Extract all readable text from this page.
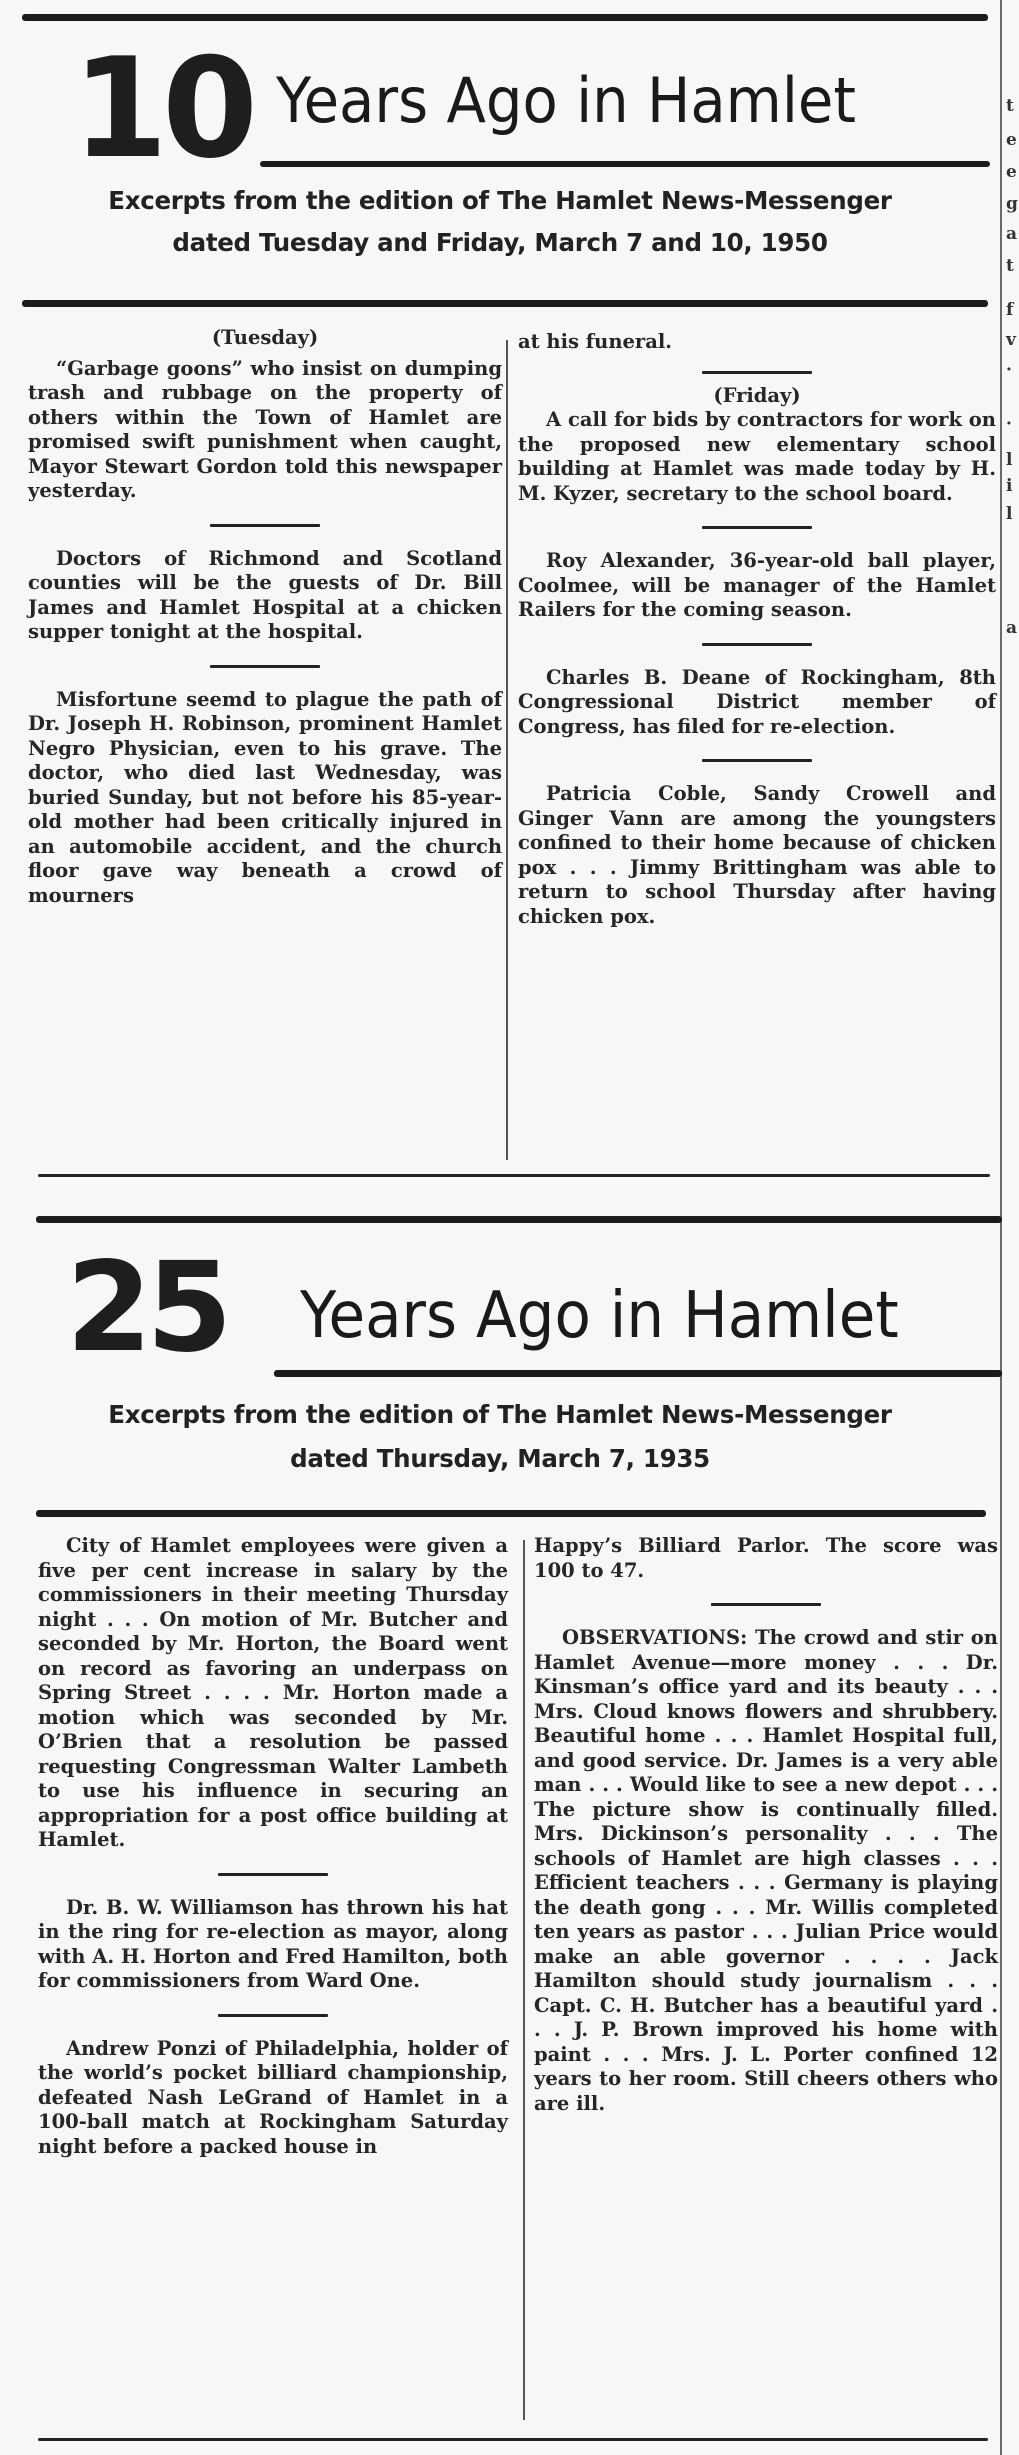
t
e
e
g
a
t
f
v
·
·
l
i
l
a
10 Years Ago in Hamlet
Excerpts from the edition of The Hamlet News-Messenger
dated Tuesday and Friday, March 7 and 10, 1950

(Tuesday)

“Garbage goons” who insist on dumping trash and rubbage on the property of others within the Town of Hamlet are promised swift punishment when caught, Mayor Stewart Gordon told this newspaper yesterday.

Doctors of Richmond and Scotland counties will be the guests of Dr. Bill James and Hamlet Hospital at a chicken supper tonight at the hospital.

Misfortune seemd to plague the path of Dr. Joseph H. Robinson, prominent Hamlet Negro Physician, even to his grave. The doctor, who died last Wednesday, was buried Sunday, but not before his 85-year-old mother had been critically injured in an automobile accident, and the church floor gave way beneath a crowd of mourners

at his funeral.

(Friday)

A call for bids by contractors for work on the proposed new elementary school building at Hamlet was made today by H. M. Kyzer, secretary to the school board.

Roy Alexander, 36-year-old ball player, Coolmee, will be manager of the Hamlet Railers for the coming season.

Charles B. Deane of Rockingham, 8th Congressional District member of Congress, has filed for re-election.

Patricia Coble, Sandy Crowell and Ginger Vann are among the youngsters confined to their home because of chicken pox . . . Jimmy Brittingham was able to return to school Thursday after having chicken pox.

25 Years Ago in Hamlet
Excerpts from the edition of The Hamlet News-Messenger
dated Thursday, March 7, 1935

City of Hamlet employees were given a five per cent increase in salary by the commissioners in their meeting Thursday night . . . On motion of Mr. Butcher and seconded by Mr. Horton, the Board went on record as favoring an underpass on Spring Street . . . . Mr. Horton made a motion which was seconded by Mr. O’Brien that a resolution be passed requesting Congressman Walter Lambeth to use his influence in securing an appropriation for a post office building at Hamlet.

Dr. B. W. Williamson has thrown his hat in the ring for re-election as mayor, along with A. H. Horton and Fred Hamilton, both for commissioners from Ward One.

Andrew Ponzi of Philadelphia, holder of the world’s pocket billiard championship, defeated Nash LeGrand of Hamlet in a 100-ball match at Rockingham Saturday night before a packed house in

Happy’s Billiard Parlor. The score was 100 to 47.

OBSERVATIONS: The crowd and stir on Hamlet Avenue—more money . . . Dr. Kinsman’s office yard and its beauty . . . Mrs. Cloud knows flowers and shrubbery. Beautiful home . . . Hamlet Hospital full, and good service. Dr. James is a very able man . . . Would like to see a new depot . . . The picture show is continually filled. Mrs. Dickinson’s personality . . . The schools of Hamlet are high classes . . . Efficient teachers . . . Germany is playing the death gong . . . Mr. Willis completed ten years as pastor . . . Julian Price would make an able governor . . . . Jack Hamilton should study journalism . . . Capt. C. H. Butcher has a beautiful yard . . . J. P. Brown improved his home with paint . . . Mrs. J. L. Porter confined 12 years to her room. Still cheers others who are ill.
